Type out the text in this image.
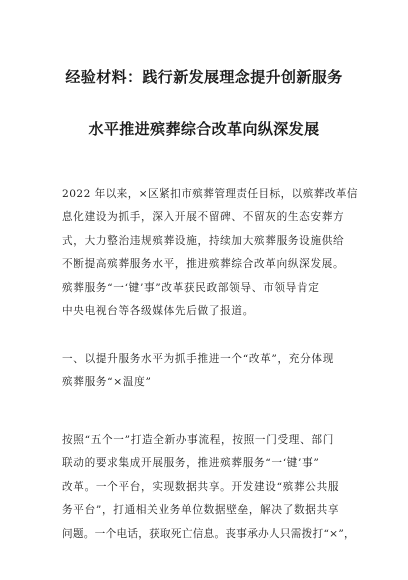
经验材料：践行新发展理念提升创新服务
水平推进殡葬综合改革向纵深发展
2022 年以来，×区紧扣市殡葬管理责任目标，以殡葬改革信
息化建设为抓手，深入开展不留碑、不留灰的生态安葬方
式，大力整治违规殡葬设施，持续加大殡葬服务设施供给
不断提高殡葬服务水平，推进殡葬综合改革向纵深发展。
殡葬服务“一‘键’事”改革获民政部领导、市领导肯定
中央电视台等各级媒体先后做了报道。
一、以提升服务水平为抓手推进一个“改革”，充分体现
殡葬服务“×温度”
按照“五个一”打造全新办事流程，按照一门受理、部门
联动的要求集成开展服务，推进殡葬服务“一‘键’事”
改革。一个平台，实现数据共享。开发建设“殡葬公共服
务平台”，打通相关业务单位数据壁垒，解决了数据共享
问题。一个电话，获取死亡信息。丧事承办人只需拨打“×”，
